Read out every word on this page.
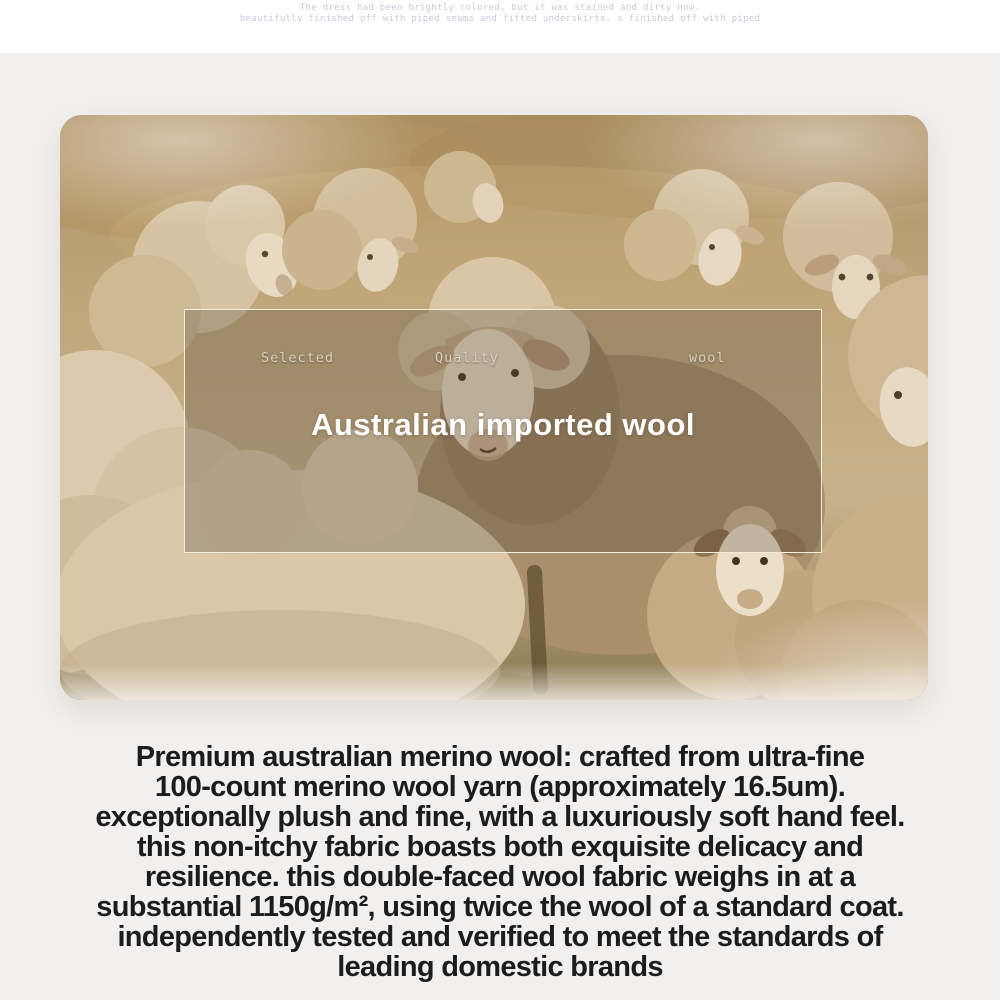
The dress had been brightly colored, but it was stained and dirty now.

beautifully finished off with piped seams and fitted underskirts. s finished off with piped

Selected	Quality	wool
Australian imported wool

Premium australian merino wool: crafted from ultra-fine

100-count merino wool yarn (approximately 16.5um).

exceptionally plush and fine, with a luxuriously soft hand feel.

this non-itchy fabric boasts both exquisite delicacy and

resilience. this double-faced wool fabric weighs in at a

substantial 1150g/m², using twice the wool of a standard coat.

independently tested and verified to meet the standards of

leading domestic brands
